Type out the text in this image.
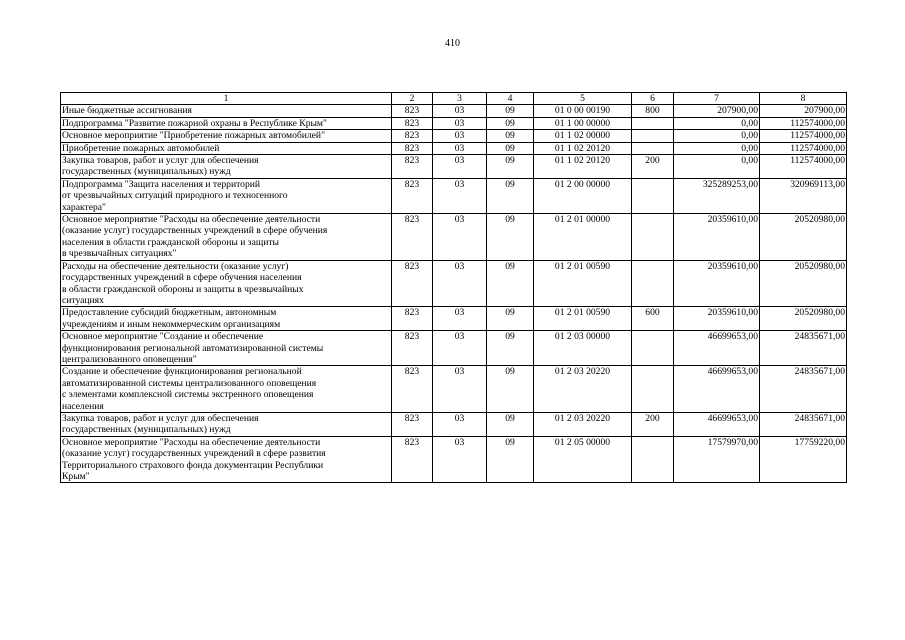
410
1	2	3	4	5	6	7	8
Иные бюджетные ассигнования	823	03	09	01 0 00 00190	800	207900,00	207900,00
Подпрограмма "Развитие пожарной охраны в Республике Крым"	823	03	09	01 1 00 00000		0,00	112574000,00
Основное мероприятие "Приобретение пожарных автомобилей"	823	03	09	01 1 02 00000		0,00	112574000,00
Приобретение пожарных автомобилей	823	03	09	01 1 02 20120		0,00	112574000,00
Закупка товаров, работ и услуг для обеспечения
государственных (муниципальных) нужд	823	03	09	01 1 02 20120	200	0,00	112574000,00
Подпрограмма "Защита населения и территорий
от чрезвычайных ситуаций природного и техногенного
характера"	823	03	09	01 2 00 00000		325289253,00	320969113,00
Основное мероприятие "Расходы на обеспечение деятельности
(оказание услуг) государственных учреждений в сфере обучения
населения в области гражданской обороны и защиты
в чрезвычайных ситуациях"	823	03	09	01 2 01 00000		20359610,00	20520980,00
Расходы на обеспечение деятельности (оказание услуг)
государственных учреждений в сфере обучения населения
в области гражданской обороны и защиты в чрезвычайных
ситуациях	823	03	09	01 2 01 00590		20359610,00	20520980,00
Предоставление субсидий бюджетным, автономным
учреждениям и иным некоммерческим организациям	823	03	09	01 2 01 00590	600	20359610,00	20520980,00
Основное мероприятие "Создание и обеспечение
функционирования региональной автоматизированной системы
централизованного оповещения"	823	03	09	01 2 03 00000		46699653,00	24835671,00
Создание и обеспечение функционирования региональной
автоматизированной системы централизованного оповещения
с элементами комплексной системы экстренного оповещения
населения	823	03	09	01 2 03 20220		46699653,00	24835671,00
Закупка товаров, работ и услуг для обеспечения
государственных (муниципальных) нужд	823	03	09	01 2 03 20220	200	46699653,00	24835671,00
Основное мероприятие "Расходы на обеспечение деятельности
(оказание услуг) государственных учреждений в сфере развития
Территориального страхового фонда документации Республики
Крым"	823	03	09	01 2 05 00000		17579970,00	17759220,00
